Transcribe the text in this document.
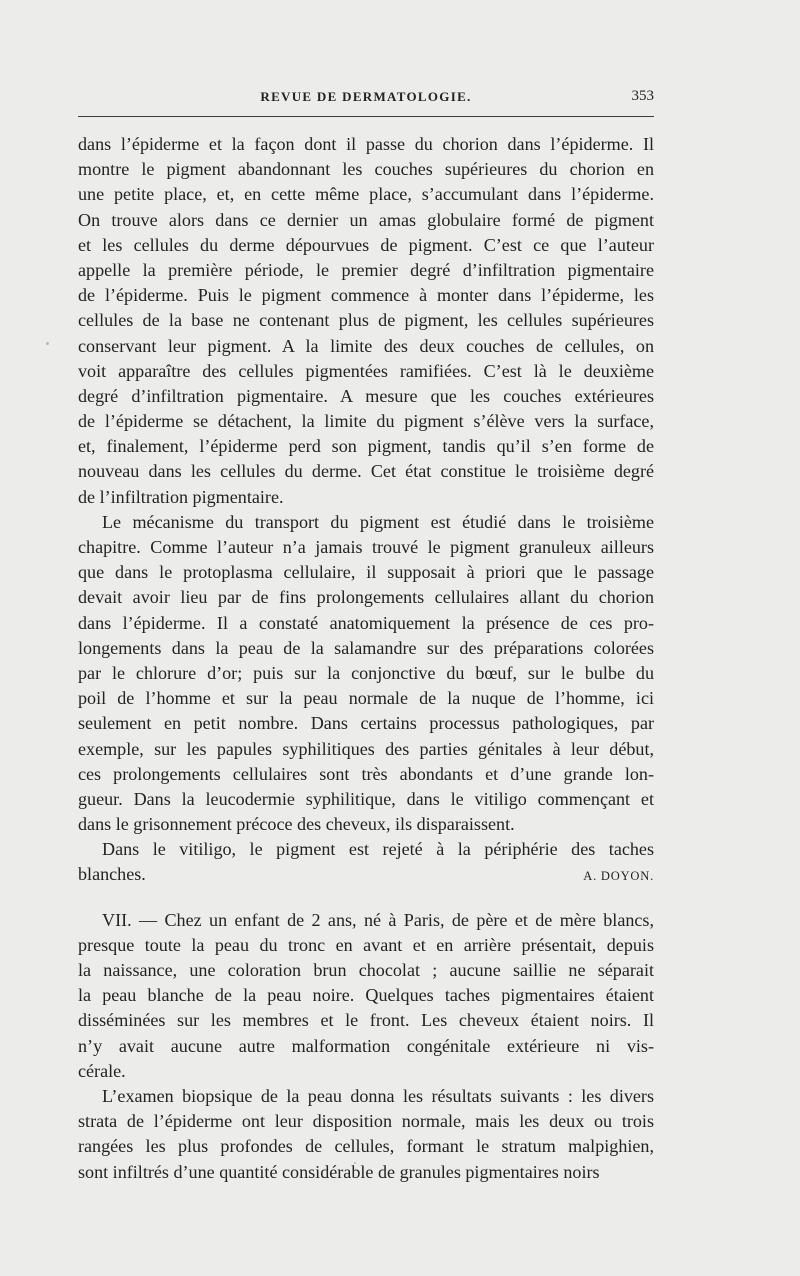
REVUE DE DERMATOLOGIE.	353
dans l’épiderme et la façon dont il passe du chorion dans l’épiderme. Il
montre le pigment abandonnant les couches supérieures du chorion en
une petite place, et, en cette même place, s’accumulant dans l’épiderme.
On trouve alors dans ce dernier un amas globulaire formé de pigment
et les cellules du derme dépourvues de pigment. C’est ce que l’auteur
appelle la première période, le premier degré d’infiltration pigmentaire
de l’épiderme. Puis le pigment commence à monter dans l’épiderme, les
cellules de la base ne contenant plus de pigment, les cellules supérieures
conservant leur pigment. A la limite des deux couches de cellules, on
voit apparaître des cellules pigmentées ramifiées. C’est là le deuxième
degré d’infiltration pigmentaire. A mesure que les couches extérieures
de l’épiderme se détachent, la limite du pigment s’élève vers la surface,
et, finalement, l’épiderme perd son pigment, tandis qu’il s’en forme de
nouveau dans les cellules du derme. Cet état constitue le troisième degré
de l’infiltration pigmentaire.
Le mécanisme du transport du pigment est étudié dans le troisième
chapitre. Comme l’auteur n’a jamais trouvé le pigment granuleux ailleurs
que dans le protoplasma cellulaire, il supposait à priori que le passage
devait avoir lieu par de fins prolongements cellulaires allant du chorion
dans l’épiderme. Il a constaté anatomiquement la présence de ces pro-
longements dans la peau de la salamandre sur des préparations colorées
par le chlorure d’or; puis sur la conjonctive du bœuf, sur le bulbe du
poil de l’homme et sur la peau normale de la nuque de l’homme, ici
seulement en petit nombre. Dans certains processus pathologiques, par
exemple, sur les papules syphilitiques des parties génitales à leur début,
ces prolongements cellulaires sont très abondants et d’une grande lon-
gueur. Dans la leucodermie syphilitique, dans le vitiligo commençant et
dans le grisonnement précoce des cheveux, ils disparaissent.
Dans le vitiligo, le pigment est rejeté à la périphérie des taches
blanches.	A. DOYON.
VII. — Chez un enfant de 2 ans, né à Paris, de père et de mère blancs,
presque toute la peau du tronc en avant et en arrière présentait, depuis
la naissance, une coloration brun chocolat ; aucune saillie ne séparait
la peau blanche de la peau noire. Quelques taches pigmentaires étaient
disséminées sur les membres et le front. Les cheveux étaient noirs. Il
n’y avait aucune autre malformation congénitale extérieure ni vis-
cérale.
L’examen biopsique de la peau donna les résultats suivants : les divers
strata de l’épiderme ont leur disposition normale, mais les deux ou trois
rangées les plus profondes de cellules, formant le stratum malpighien,
sont infiltrés d’une quantité considérable de granules pigmentaires noirs
